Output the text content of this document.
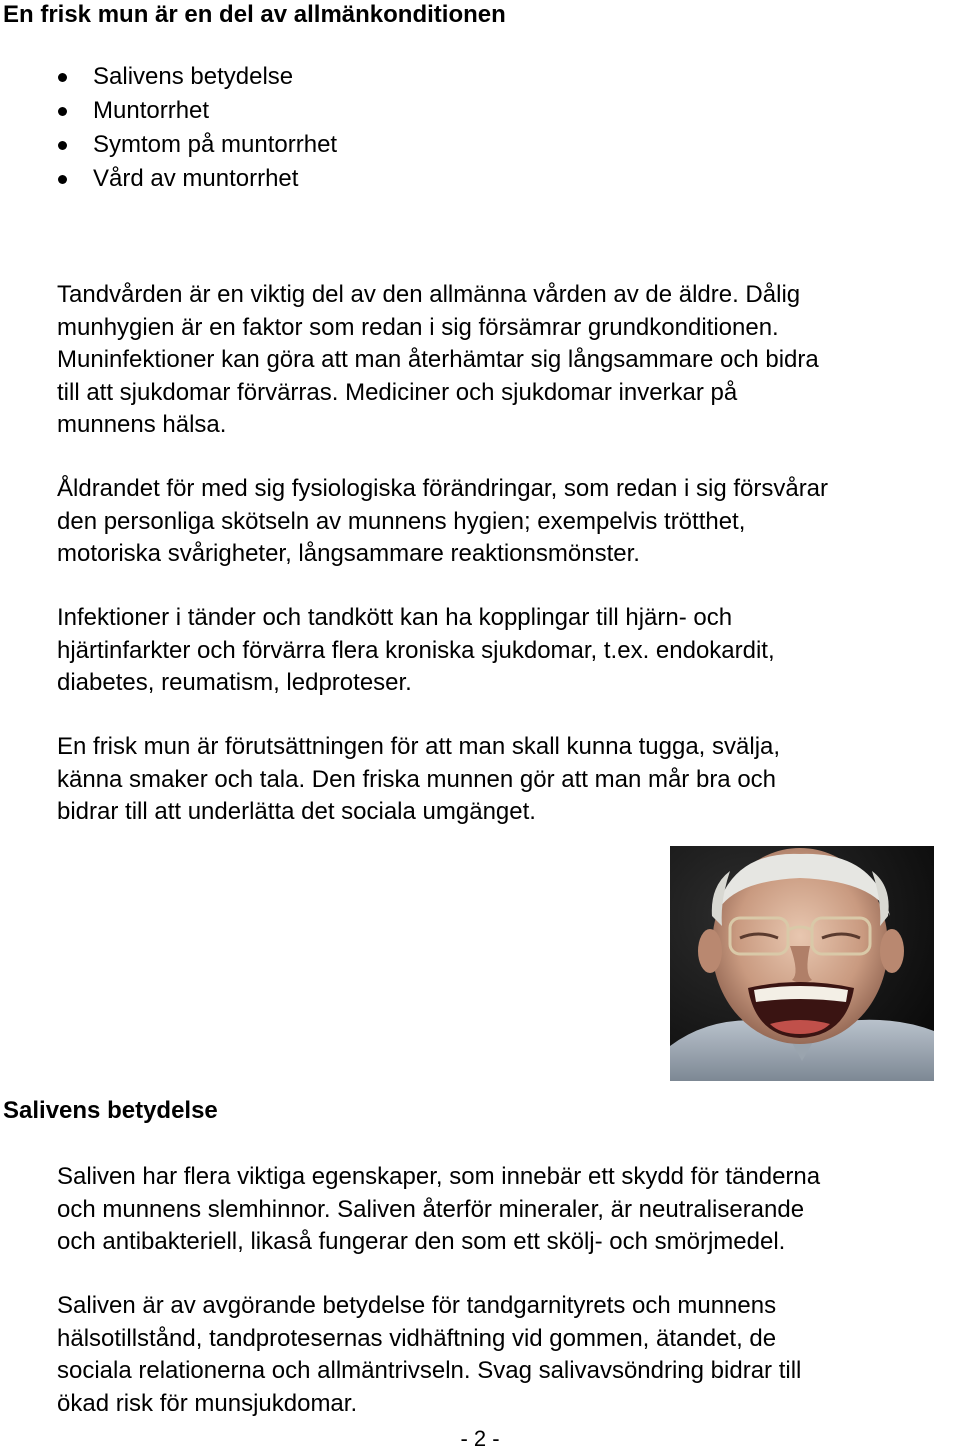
En frisk mun är en del av allmänkonditionen
Salivens betydelse
Muntorrhet
Symtom på muntorrhet
Vård av muntorrhet
Tandvården är en viktig del av den allmänna vården av de äldre. Dålig
munhygien är en faktor som redan i sig försämrar grundkonditionen.
Muninfektioner kan göra att man återhämtar sig långsammare och bidra
till att sjukdomar förvärras. Mediciner och sjukdomar inverkar på
munnens hälsa.
Åldrandet för med sig fysiologiska förändringar, som redan i sig försvårar
den personliga skötseln av munnens hygien; exempelvis trötthet,
motoriska svårigheter, långsammare reaktionsmönster.
Infektioner i tänder och tandkött kan ha kopplingar till hjärn- och
hjärtinfarkter och förvärra flera kroniska sjukdomar, t.ex. endokardit,
diabetes, reumatism, ledproteser.
En frisk mun är förutsättningen för att man skall kunna tugga, svälja,
känna smaker och tala. Den friska munnen gör att man mår bra och
bidrar till att underlätta det sociala umgänget.
Salivens betydelse
Saliven har flera viktiga egenskaper, som innebär ett skydd för tänderna
och munnens slemhinnor. Saliven återför mineraler, är neutraliserande
och antibakteriell, likaså fungerar den som ett skölj- och smörjmedel.
Saliven är av avgörande betydelse för tandgarnityrets och munnens
hälsotillstånd, tandprotesernas vidhäftning vid gommen, ätandet, de
sociala relationerna och allmäntrivseln. Svag salivavsöndring bidrar till
ökad risk för munsjukdomar.
- 2 -
